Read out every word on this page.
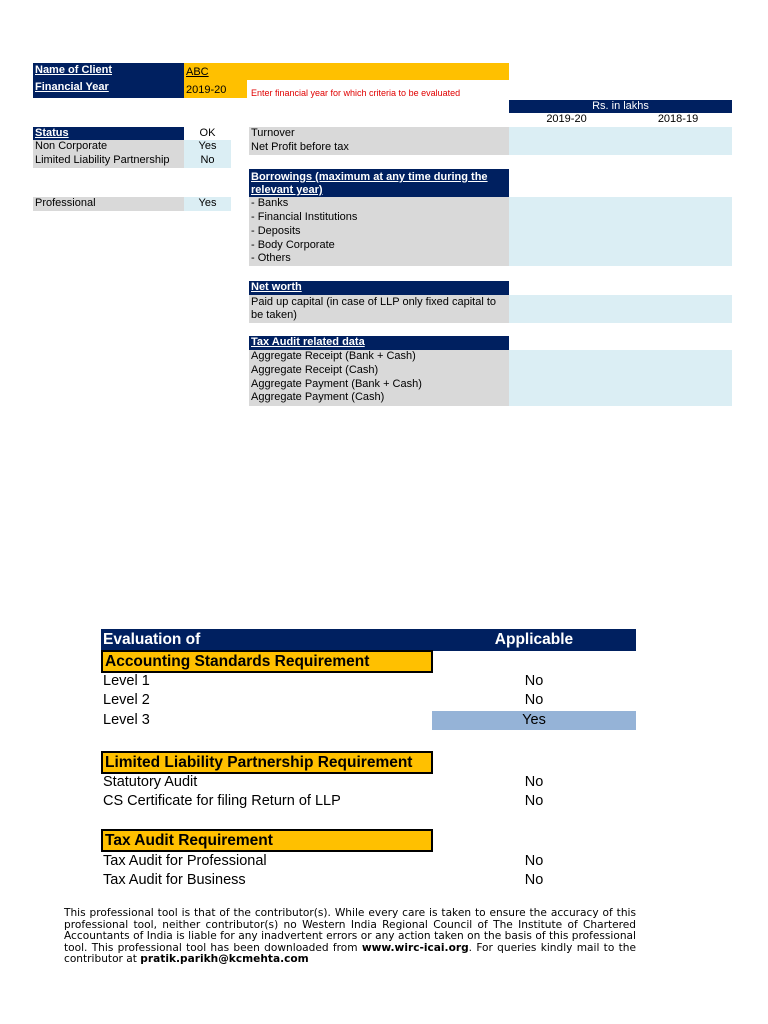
Name of Client	ABC
Financial Year	2019-20	Enter financial year for which criteria to be evaluated
Rs. in lakhs
2019-20	2018-19
Status	OK
Non Corporate	Yes
Limited Liability Partnership	No
Professional	Yes
Turnover
Net Profit before tax
Borrowings (maximum at any time during the relevant year)
- Banks
- Financial Institutions
- Deposits
- Body Corporate
- Others
Net worth
Paid up capital (in case of LLP only fixed capital to be taken)
Tax Audit related data
Aggregate Receipt (Bank + Cash)
Aggregate Receipt (Cash)
Aggregate Payment (Bank + Cash)
Aggregate Payment (Cash)
Evaluation of	Applicable
Accounting Standards Requirement
Level 1	No
Level 2	No
Level 3	Yes
Limited Liability Partnership Requirement
Statutory Audit	No
CS Certificate for filing Return of LLP	No
Tax Audit Requirement
Tax Audit for Professional	No
Tax Audit for Business	No
This professional tool is that of the contributor(s). While every care is taken to ensure the accuracy of this professional tool, neither contributor(s) no Western India Regional Council of The Institute of Chartered Accountants of India is liable for any inadvertent errors or any action taken on the basis of this professional tool. This professional tool has been downloaded from www.wirc-icai.org. For queries kindly mail to the contributor at pratik.parikh@kcmehta.com
